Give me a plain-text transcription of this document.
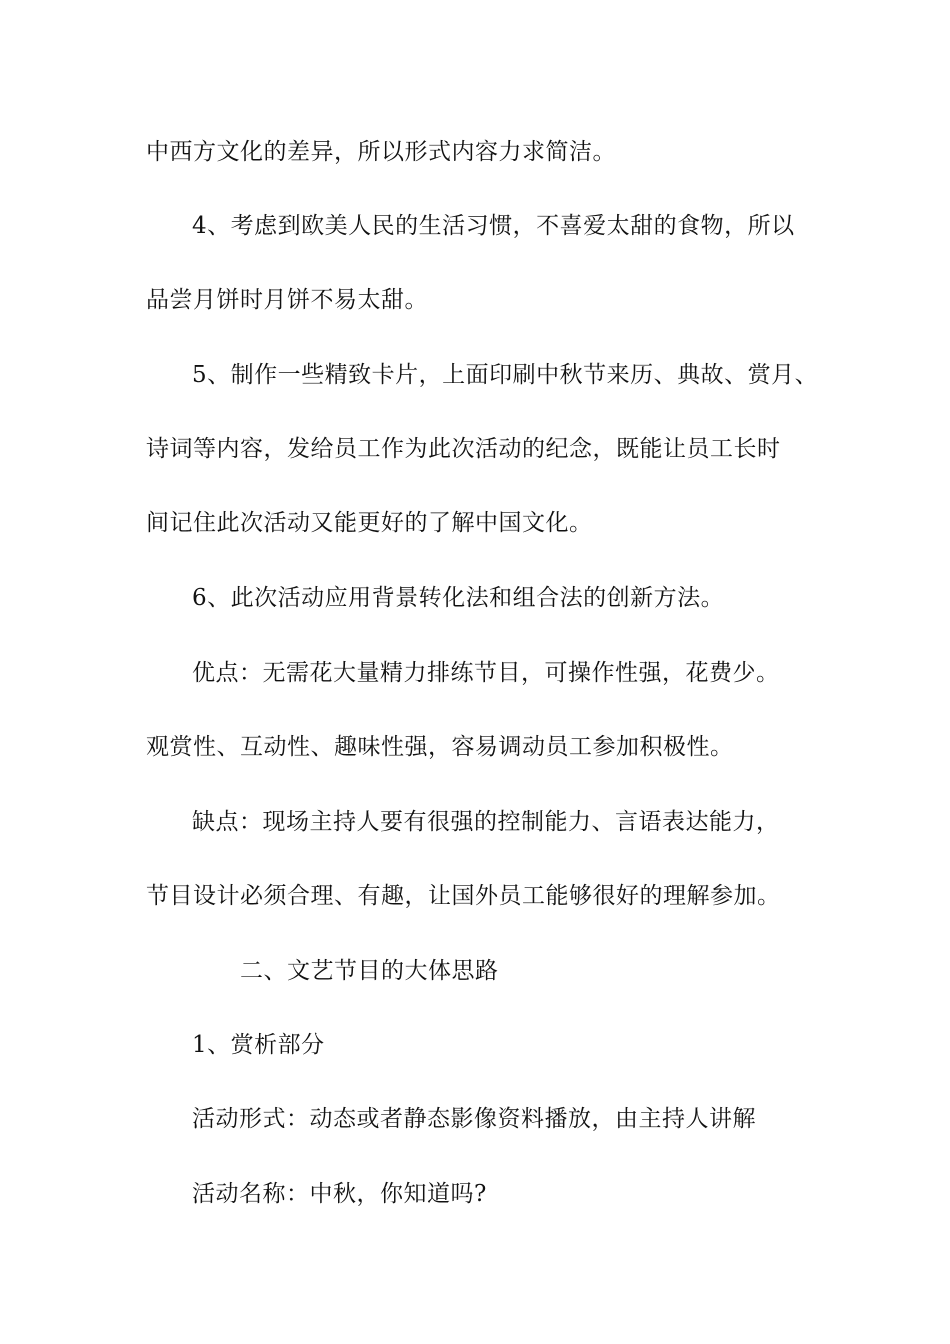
中西方文化的差异，所以形式内容力求简洁。
4、考虑到欧美人民的生活习惯，不喜爱太甜的食物，所以
品尝月饼时月饼不易太甜。
5、制作一些精致卡片，上面印刷中秋节来历、典故、赏月、
诗词等内容，发给员工作为此次活动的纪念，既能让员工长时
间记住此次活动又能更好的了解中国文化。
6、此次活动应用背景转化法和组合法的创新方法。
优点：无需花大量精力排练节目，可操作性强，花费少。
观赏性、互动性、趣味性强，容易调动员工参加积极性。
缺点：现场主持人要有很强的控制能力、言语表达能力，
节目设计必须合理、有趣，让国外员工能够很好的理解参加。
二、文艺节目的大体思路
1、赏析部分
活动形式：动态或者静态影像资料播放，由主持人讲解
活动名称：中秋，你知道吗?
